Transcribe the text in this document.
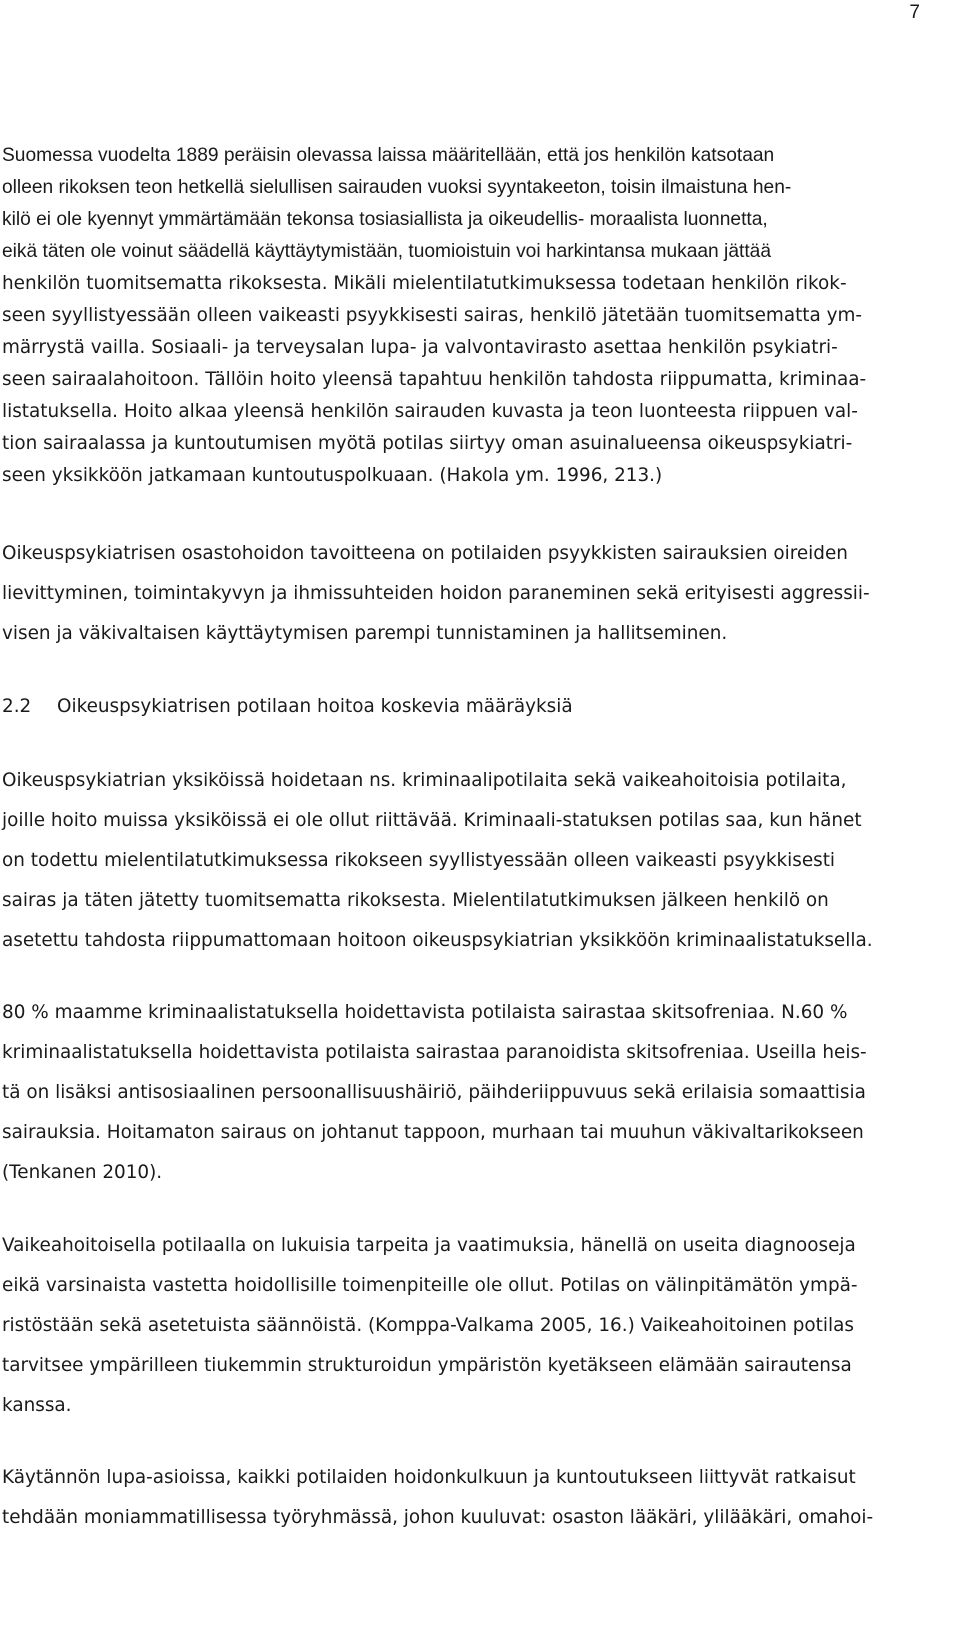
7
Suomessa vuodelta 1889 peräisin olevassa laissa määritellään, että jos henkilön katsotaan
olleen rikoksen teon hetkellä sielullisen sairauden vuoksi syyntakeeton, toisin ilmaistuna hen-
kilö ei ole kyennyt ymmärtämään tekonsa tosiasiallista ja oikeudellis- moraalista luonnetta,
eikä täten ole voinut säädellä käyttäytymistään, tuomioistuin voi harkintansa mukaan jättää
henkilön tuomitsematta rikoksesta. Mikäli mielentilatutkimuksessa todetaan henkilön rikok-
seen syyllistyessään olleen vaikeasti psyykkisesti sairas, henkilö jätetään tuomitsematta ym-
märrystä vailla. Sosiaali- ja terveysalan lupa- ja valvontavirasto asettaa henkilön psykiatri-
seen sairaalahoitoon. Tällöin hoito yleensä tapahtuu henkilön tahdosta riippumatta, kriminaa-
listatuksella. Hoito alkaa yleensä henkilön sairauden kuvasta ja teon luonteesta riippuen val-
tion sairaalassa ja kuntoutumisen myötä potilas siirtyy oman asuinalueensa oikeuspsykiatri-
seen yksikköön jatkamaan kuntoutuspolkuaan. (Hakola ym. 1996, 213.)
Oikeuspsykiatrisen osastohoidon tavoitteena on potilaiden psyykkisten sairauksien oireiden
lievittyminen, toimintakyvyn ja ihmissuhteiden hoidon paraneminen sekä erityisesti aggressii-
visen ja väkivaltaisen käyttäytymisen parempi tunnistaminen ja hallitseminen.
2.2 Oikeuspsykiatrisen potilaan hoitoa koskevia määräyksiä
Oikeuspsykiatrian yksiköissä hoidetaan ns. kriminaalipotilaita sekä vaikeahoitoisia potilaita,
joille hoito muissa yksiköissä ei ole ollut riittävää. Kriminaali-statuksen potilas saa, kun hänet
on todettu mielentilatutkimuksessa rikokseen syyllistyessään olleen vaikeasti psyykkisesti
sairas ja täten jätetty tuomitsematta rikoksesta. Mielentilatutkimuksen jälkeen henkilö on
asetettu tahdosta riippumattomaan hoitoon oikeuspsykiatrian yksikköön kriminaalistatuksella.
80 % maamme kriminaalistatuksella hoidettavista potilaista sairastaa skitsofreniaa. N.60 %
kriminaalistatuksella hoidettavista potilaista sairastaa paranoidista skitsofreniaa. Useilla heis-
tä on lisäksi antisosiaalinen persoonallisuushäiriö, päihderiippuvuus sekä erilaisia somaattisia
sairauksia. Hoitamaton sairaus on johtanut tappoon, murhaan tai muuhun väkivaltarikokseen
(Tenkanen 2010).
Vaikeahoitoisella potilaalla on lukuisia tarpeita ja vaatimuksia, hänellä on useita diagnooseja
eikä varsinaista vastetta hoidollisille toimenpiteille ole ollut. Potilas on välinpitämätön ympä-
ristöstään sekä asetetuista säännöistä. (Komppa-Valkama 2005, 16.) Vaikeahoitoinen potilas
tarvitsee ympärilleen tiukemmin strukturoidun ympäristön kyetäkseen elämään sairautensa
kanssa.
Käytännön lupa-asioissa, kaikki potilaiden hoidonkulkuun ja kuntoutukseen liittyvät ratkaisut
tehdään moniammatillisessa työryhmässä, johon kuuluvat: osaston lääkäri, ylilääkäri, omahoi-
